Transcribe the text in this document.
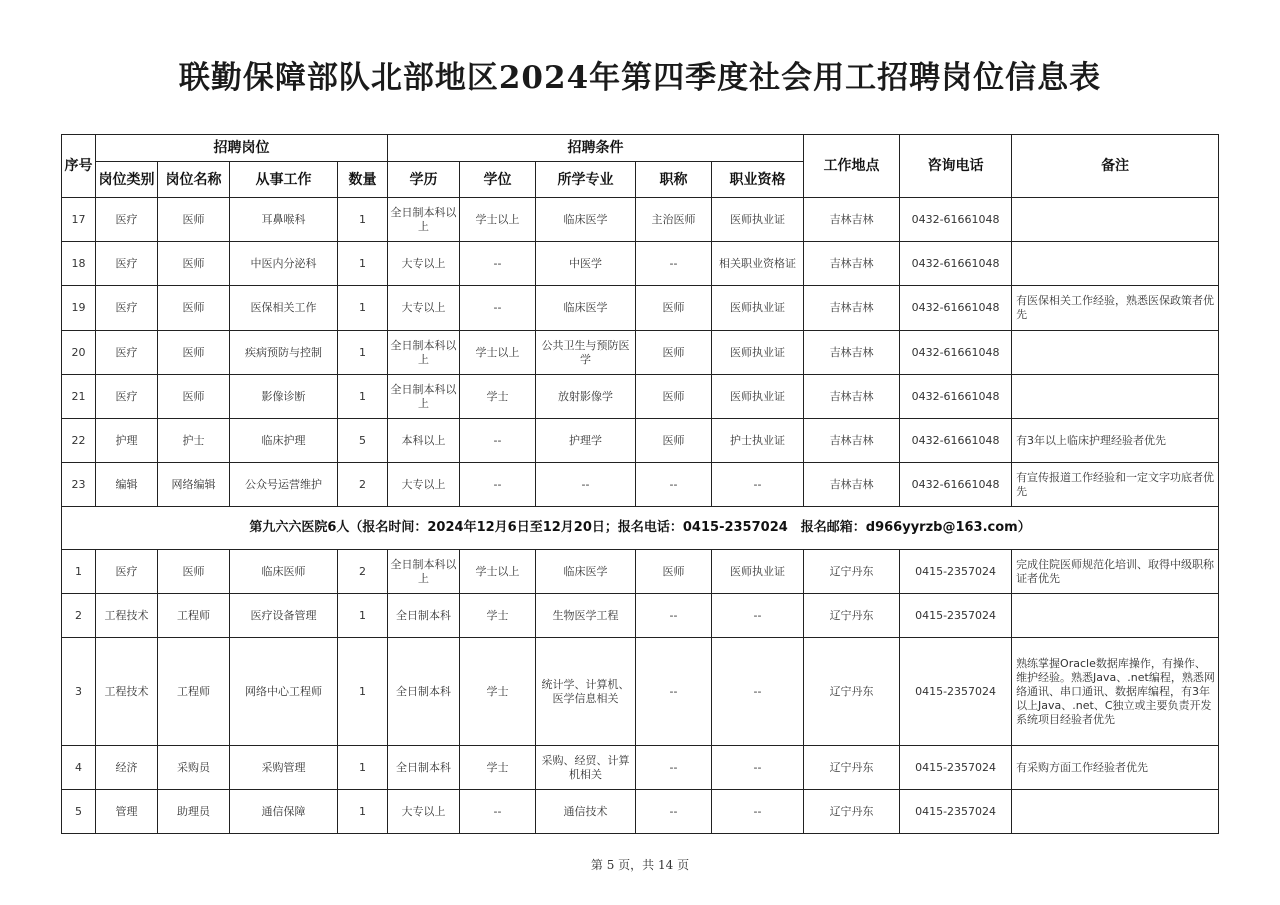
联勤保障部队北部地区2024年第四季度社会用工招聘岗位信息表
序号	招聘岗位				招聘条件					工作地点	咨询电话	备注
	岗位类别	岗位名称	从事工作	数量	学历	学位	所学专业	职称	职业资格			
17	医疗	医师	耳鼻喉科	1	全日制本科以上	学士以上	临床医学	主治医师	医师执业证	吉林吉林	0432-61661048	
18	医疗	医师	中医内分泌科	1	大专以上	--	中医学	--	相关职业资格证	吉林吉林	0432-61661048	
19	医疗	医师	医保相关工作	1	大专以上	--	临床医学	医师	医师执业证	吉林吉林	0432-61661048	有医保相关工作经验，熟悉医保政策者优先
20	医疗	医师	疾病预防与控制	1	全日制本科以上	学士以上	公共卫生与预防医学	医师	医师执业证	吉林吉林	0432-61661048	
21	医疗	医师	影像诊断	1	全日制本科以上	学士	放射影像学	医师	医师执业证	吉林吉林	0432-61661048	
22	护理	护士	临床护理	5	本科以上	--	护理学	医师	护士执业证	吉林吉林	0432-61661048	有3年以上临床护理经验者优先
23	编辑	网络编辑	公众号运营维护	2	大专以上	--	--	--	--	吉林吉林	0432-61661048	有宣传报道工作经验和一定文字功底者优先
第九六六医院6人（报名时间：2024年12月6日至12月20日；报名电话：0415-2357024　报名邮箱：d966yyrzb@163.com）												
1	医疗	医师	临床医师	2	全日制本科以上	学士以上	临床医学	医师	医师执业证	辽宁丹东	0415-2357024	完成住院医师规范化培训、取得中级职称证者优先
2	工程技术	工程师	医疗设备管理	1	全日制本科	学士	生物医学工程	--	--	辽宁丹东	0415-2357024	
3	工程技术	工程师	网络中心工程师	1	全日制本科	学士	统计学、计算机、医学信息相关	--	--	辽宁丹东	0415-2357024	熟练掌握Oracle数据库操作，有操作、维护经验。熟悉Java、.net编程，熟悉网络通讯、串口通讯、数据库编程，有3年以上Java、.net、C独立或主要负责开发系统项目经验者优先
4	经济	采购员	采购管理	1	全日制本科	学士	采购、经贸、计算机相关	--	--	辽宁丹东	0415-2357024	有采购方面工作经验者优先
5	管理	助理员	通信保障	1	大专以上	--	通信技术	--	--	辽宁丹东	0415-2357024	
第 5 页，共 14 页
